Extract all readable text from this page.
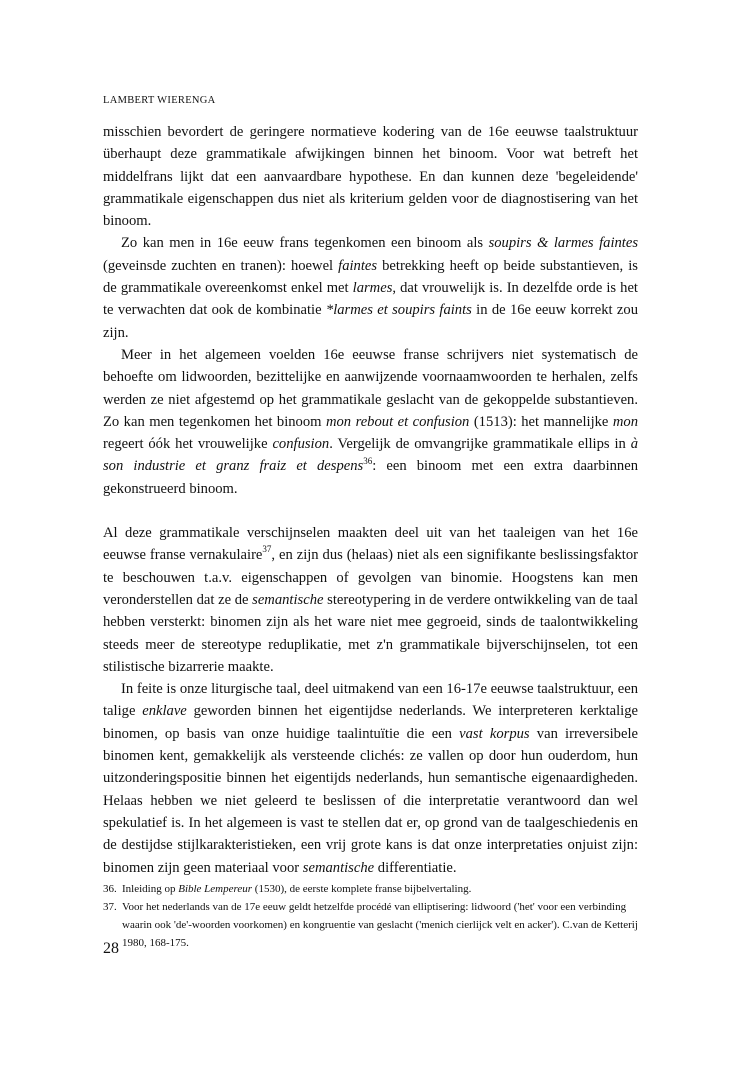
LAMBERT WIERENGA

misschien bevordert de geringere normatieve kodering van de 16e eeuwse taalstruktuur überhaupt deze grammatikale afwijkingen binnen het binoom. Voor wat betreft het middelfrans lijkt dat een aanvaardbare hypothese. En dan kunnen deze 'begeleidende' grammatikale eigenschappen dus niet als kriterium gelden voor de diagnostisering van het binoom.

Zo kan men in 16e eeuw frans tegenkomen een binoom als soupirs & larmes faintes (geveinsde zuchten en tranen): hoewel faintes betrekking heeft op beide substantieven, is de grammatikale overeenkomst enkel met larmes, dat vrouwelijk is. In dezelfde orde is het te verwachten dat ook de kombinatie *larmes et soupirs faints in de 16e eeuw korrekt zou zijn.

Meer in het algemeen voelden 16e eeuwse franse schrijvers niet systematisch de behoefte om lidwoorden, bezittelijke en aanwijzende voornaamwoorden te herhalen, zelfs werden ze niet afgestemd op het grammatikale geslacht van de gekoppelde substantieven. Zo kan men tegenkomen het binoom mon rebout et confusion (1513): het mannelijke mon regeert óók het vrouwelijke confusion. Vergelijk de omvangrijke grammatikale ellips in à son industrie et granz fraiz et despens$^{36}$: een binoom met een extra daarbinnen gekonstrueerd binoom.

Al deze grammatikale verschijnselen maakten deel uit van het taaleigen van het 16e eeuwse franse vernakulaire$^{37}$, en zijn dus (helaas) niet als een signifikante beslissingsfaktor te beschouwen t.a.v. eigenschappen of gevolgen van binomie. Hoogstens kan men veronderstellen dat ze de semantische stereotypering in de verdere ontwikkeling van de taal hebben versterkt: binomen zijn als het ware niet mee gegroeid, sinds de taalontwikkeling steeds meer de stereotype reduplikatie, met z'n grammatikale bijverschijnselen, tot een stilistische bizarrerie maakte.

In feite is onze liturgische taal, deel uitmakend van een 16-17e eeuwse taalstruktuur, een talige enklave geworden binnen het eigentijdse nederlands. We interpreteren kerktalige binomen, op basis van onze huidige taalintuïtie die een vast korpus van irreversibele binomen kent, gemakkelijk als versteende clichés: ze vallen op door hun ouderdom, hun uitzonderingspositie binnen het eigentijds nederlands, hun semantische eigenaardigheden. Helaas hebben we niet geleerd te beslissen of die interpretatie verantwoord dan wel spekulatief is. In het algemeen is vast te stellen dat er, op grond van de taalgeschiedenis en de destijdse stijlkarakteristieken, een vrij grote kans is dat onze interpretaties onjuist zijn: binomen zijn geen materiaal voor semantische differentiatie.

36. Inleiding op Bible Lempereur (1530), de eerste komplete franse bijbelvertaling.
37. Voor het nederlands van de 17e eeuw geldt hetzelfde procédé van elliptisering: lidwoord ('het' voor een verbinding waarin ook 'de'-woorden voorkomen) en kongruentie van geslacht ('menich cierlijck velt en acker'). C.van de Ketterij 1980, 168-175.
28
